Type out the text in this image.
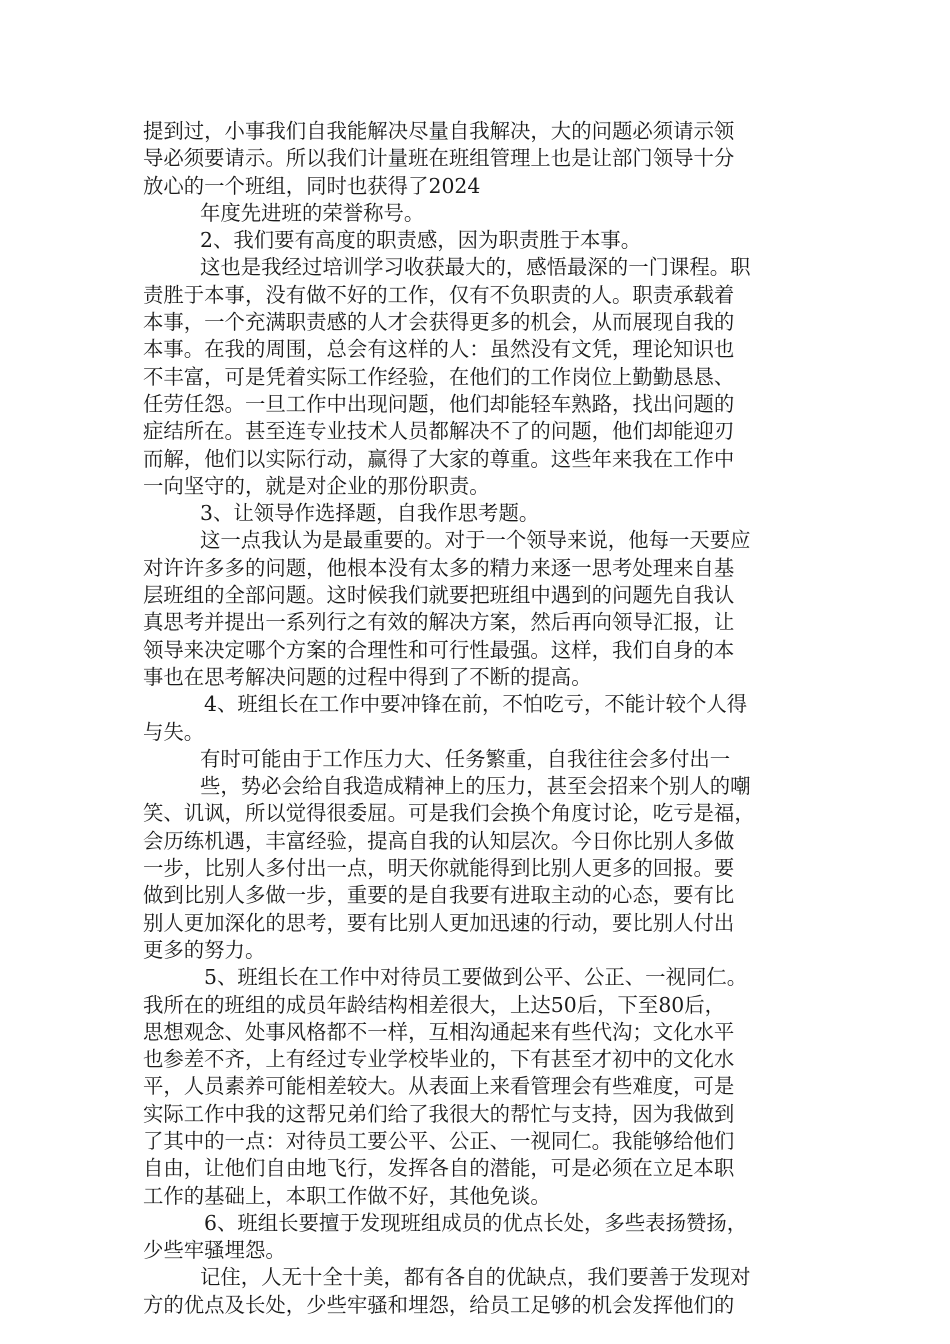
提到过，小事我们自我能解决尽量自我解决，大的问题必须请示领
导必须要请示。所以我们计量班在班组管理上也是让部门领导十分
放心的一个班组，同时也获得了2024
年度先进班的荣誉称号。
2、我们要有高度的职责感，因为职责胜于本事。
这也是我经过培训学习收获最大的，感悟最深的一门课程。职
责胜于本事，没有做不好的工作，仅有不负职责的人。职责承载着
本事，一个充满职责感的人才会获得更多的机会，从而展现自我的
本事。在我的周围，总会有这样的人：虽然没有文凭，理论知识也
不丰富，可是凭着实际工作经验，在他们的工作岗位上勤勤恳恳、
任劳任怨。一旦工作中出现问题，他们却能轻车熟路，找出问题的
症结所在。甚至连专业技术人员都解决不了的问题，他们却能迎刃
而解，他们以实际行动，赢得了大家的尊重。这些年来我在工作中
一向坚守的，就是对企业的那份职责。
3、让领导作选择题，自我作思考题。
这一点我认为是最重要的。对于一个领导来说，他每一天要应
对许许多多的问题，他根本没有太多的精力来逐一思考处理来自基
层班组的全部问题。这时候我们就要把班组中遇到的问题先自我认
真思考并提出一系列行之有效的解决方案，然后再向领导汇报，让
领导来决定哪个方案的合理性和可行性最强。这样，我们自身的本
事也在思考解决问题的过程中得到了不断的提高。
4、班组长在工作中要冲锋在前，不怕吃亏，不能计较个人得
与失。
有时可能由于工作压力大、任务繁重，自我往往会多付出一
些，势必会给自我造成精神上的压力，甚至会招来个别人的嘲
笑、讥讽，所以觉得很委屈。可是我们会换个角度讨论，吃亏是福，
会历练机遇，丰富经验，提高自我的认知层次。今日你比别人多做
一步，比别人多付出一点，明天你就能得到比别人更多的回报。要
做到比别人多做一步，重要的是自我要有进取主动的心态，要有比
别人更加深化的思考，要有比别人更加迅速的行动，要比别人付出
更多的努力。
5、班组长在工作中对待员工要做到公平、公正、一视同仁。
我所在的班组的成员年龄结构相差很大，上达50后，下至80后，
思想观念、处事风格都不一样，互相沟通起来有些代沟；文化水平
也参差不齐，上有经过专业学校毕业的，下有甚至才初中的文化水
平，人员素养可能相差较大。从表面上来看管理会有些难度，可是
实际工作中我的这帮兄弟们给了我很大的帮忙与支持，因为我做到
了其中的一点：对待员工要公平、公正、一视同仁。我能够给他们
自由，让他们自由地飞行，发挥各自的潜能，可是必须在立足本职
工作的基础上，本职工作做不好，其他免谈。
6、班组长要擅于发现班组成员的优点长处，多些表扬赞扬，
少些牢骚埋怨。
记住，人无十全十美，都有各自的优缺点，我们要善于发现对
方的优点及长处，少些牢骚和埋怨，给员工足够的机会发挥他们的
